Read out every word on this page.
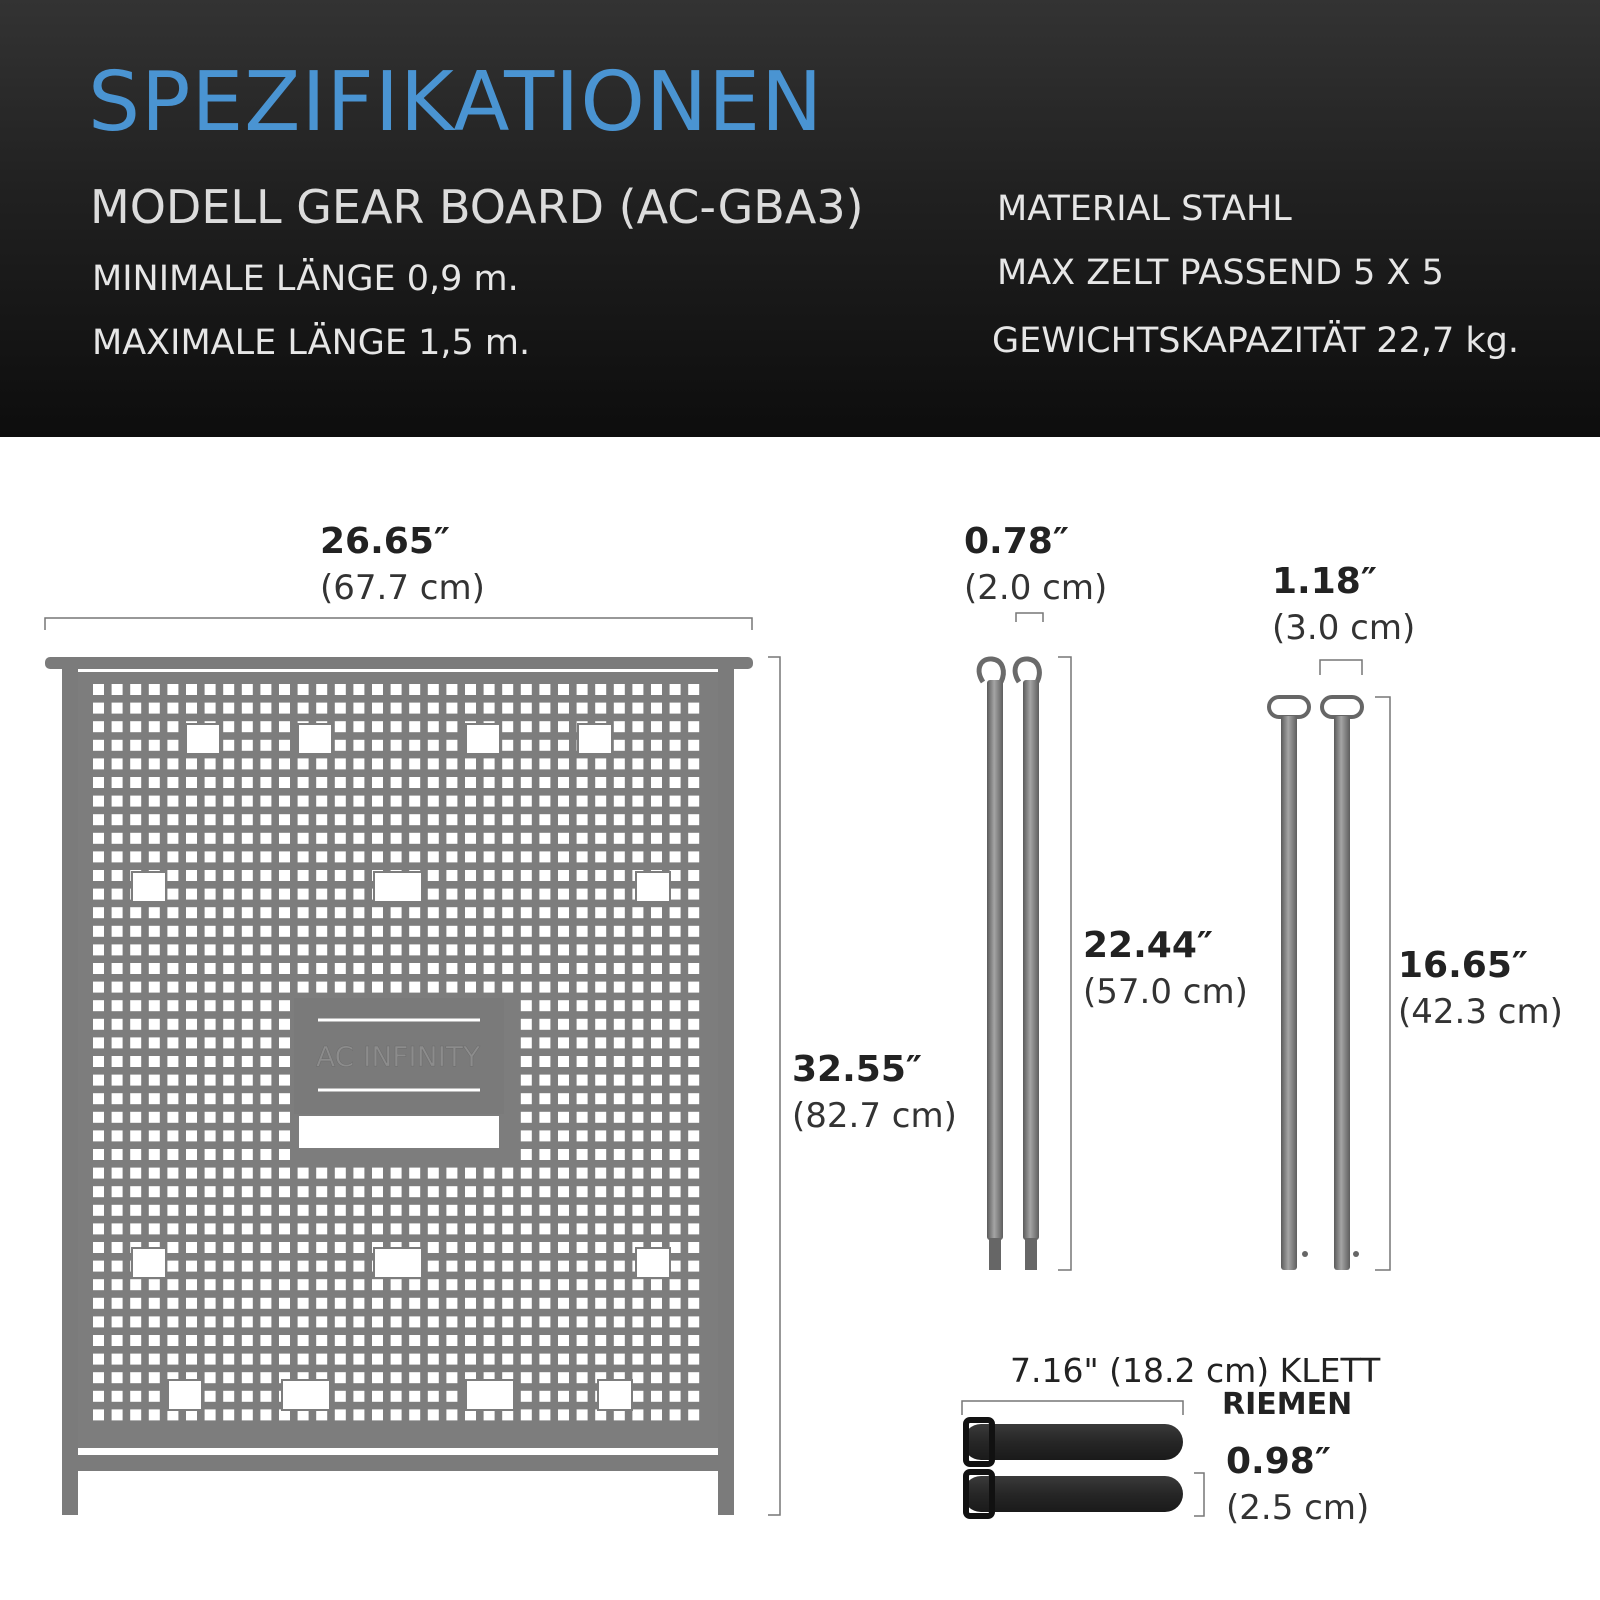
SPEZIFIKATIONEN
MODELL GEAR BOARD (AC-GBA3)
MINIMALE LÄNGE 0,9 m.
MAXIMALE LÄNGE 1,5 m.
MATERIAL STAHL
MAX ZELT PASSEND 5 X 5
GEWICHTSKAPAZITÄT 22,7 kg.
AC INFINITY
26.65″
(67.7 cm)
32.55″
(82.7 cm)
0.78″
(2.0 cm)
22.44″
(57.0 cm)
1.18″
(3.0 cm)
16.65″
(42.3 cm)
7.16" (18.2 cm) KLETT
RIEMEN
0.98″
(2.5 cm)
